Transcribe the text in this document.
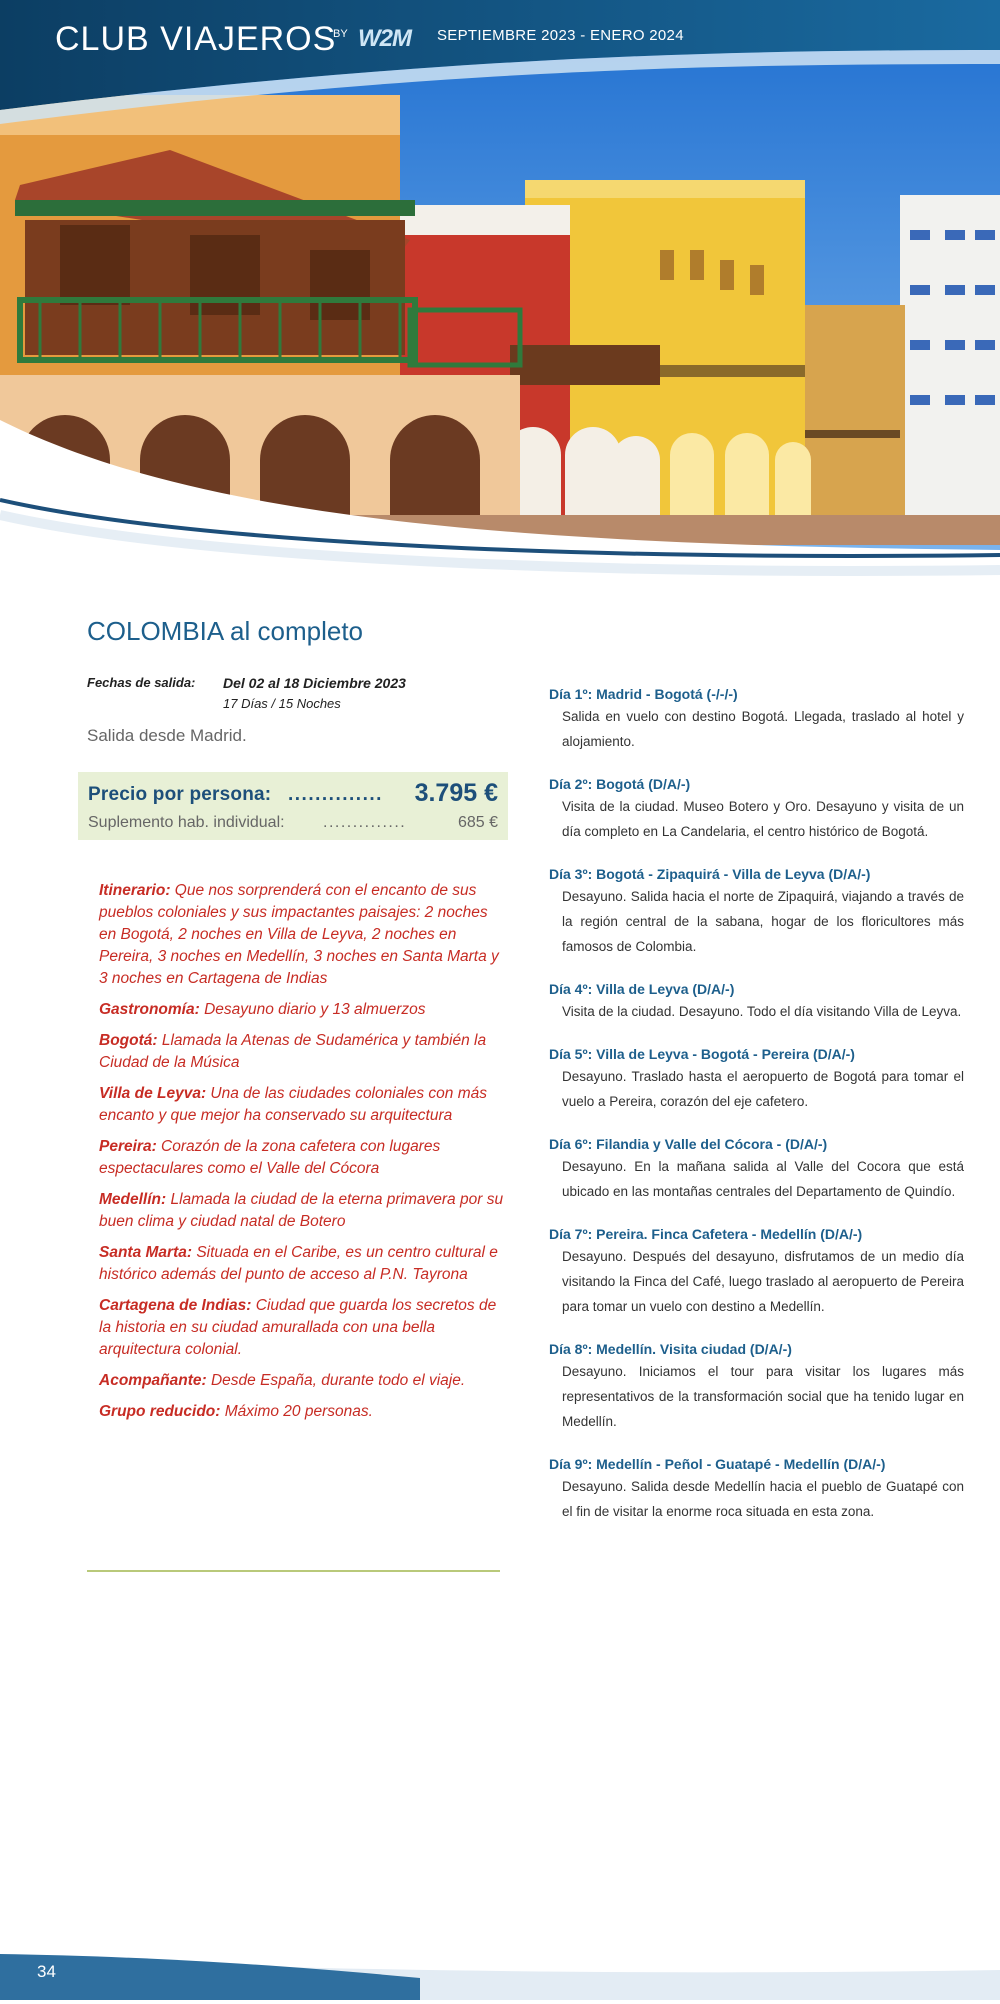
CLUB VIAJEROS
BY W2M SEPTIEMBRE 2023 - ENERO 2024
COLOMBIA al completo
Fechas de salida: Del 02 al 18 Diciembre 2023
17 Días / 15 Noches
Salida desde Madrid.
Precio por persona: .............. 3.795 €
Suplemento hab. individual: ..............	685 €
Itinerario: Que nos sorprenderá con el encanto de sus pueblos coloniales y sus impactantes paisajes: 2 noches en Bogotá, 2 noches en Villa de Leyva, 2 noches en Pereira, 3 noches en Medellín, 3 noches en Santa Marta y 3 noches en Cartagena de Indias
Gastronomía: Desayuno diario y 13 almuerzos
Bogotá: Llamada la Atenas de Sudamérica y también la Ciudad de la Música
Villa de Leyva: Una de las ciudades coloniales con más encanto y que mejor ha conservado su arquitectura
Pereira: Corazón de la zona cafetera con lugares espectaculares como el Valle del Cócora
Medellín: Llamada la ciudad de la eterna primavera por su buen clima y ciudad natal de Botero
Santa Marta: Situada en el Caribe, es un centro cultural e histórico además del punto de acceso al P.N. Tayrona
Cartagena de Indias: Ciudad que guarda los secretos de la historia en su ciudad amurallada con una bella arquitectura colonial.
Acompañante: Desde España, durante todo el viaje.
Grupo reducido: Máximo 20 personas.
Día 1º: Madrid - Bogotá (-/-/-)
Salida en vuelo con destino Bogotá. Llegada, traslado al hotel y alojamiento.
Día 2º: Bogotá (D/A/-)
Visita de la ciudad. Museo Botero y Oro. Desayuno y visita de un día completo en La Candelaria, el centro histórico de Bogotá.
Día 3º: Bogotá - Zipaquirá - Villa de Leyva (D/A/-)
Desayuno. Salida hacia el norte de Zipaquirá, viajando a través de la región central de la sabana, hogar de los floricultores más famosos de Colombia.
Día 4º: Villa de Leyva (D/A/-)
Visita de la ciudad. Desayuno. Todo el día visitando Villa de Leyva.
Día 5º: Villa de Leyva - Bogotá - Pereira (D/A/-)
Desayuno. Traslado hasta el aeropuerto de Bogotá para tomar el vuelo a Pereira, corazón del eje cafetero.
Día 6º: Filandia y Valle del Cócora - (D/A/-)
Desayuno. En la mañana salida al Valle del Cocora que está ubicado en las montañas centrales del Departamento de Quindío.
Día 7º: Pereira. Finca Cafetera - Medellín (D/A/-)
Desayuno. Después del desayuno, disfrutamos de un medio día visitando la Finca del Café, luego traslado al aeropuerto de Pereira para tomar un vuelo con destino a Medellín.
Día 8º: Medellín. Visita ciudad (D/A/-)
Desayuno. Iniciamos el tour para visitar los lugares más representativos de la transformación social que ha tenido lugar en Medellín.
Día 9º: Medellín - Peñol - Guatapé - Medellín (D/A/-)
Desayuno. Salida desde Medellín hacia el pueblo de Guatapé con el fin de visitar la enorme roca situada en esta zona.
34
